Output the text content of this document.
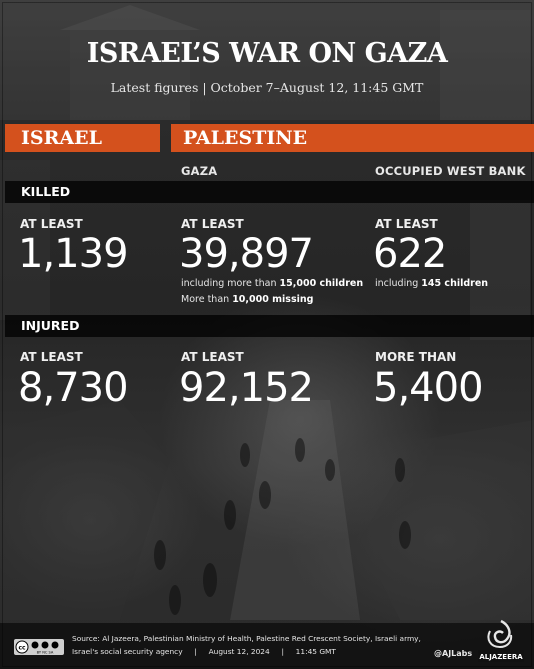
ISRAEL’S WAR ON GAZA
Latest figures | October 7–August 12, 11:45 GMT
ISRAEL	PALESTINE
GAZA	OCCUPIED WEST BANK
KILLED
AT LEAST
1,139
AT LEAST
39,897
including more than 15,000 children
More than 10,000 missing
AT LEAST
622
including 145 children
INJURED
AT LEAST
8,730
AT LEAST
92,152
MORE THAN
5,400
cc
BY NC SA
Source: Al Jazeera, Palestinian Ministry of Health, Palestine Red Crescent Society, Israeli army,
Israel's social security agency     |     August 12, 2024     |     11:45 GMT	@AJLabs ALJAZEERA
